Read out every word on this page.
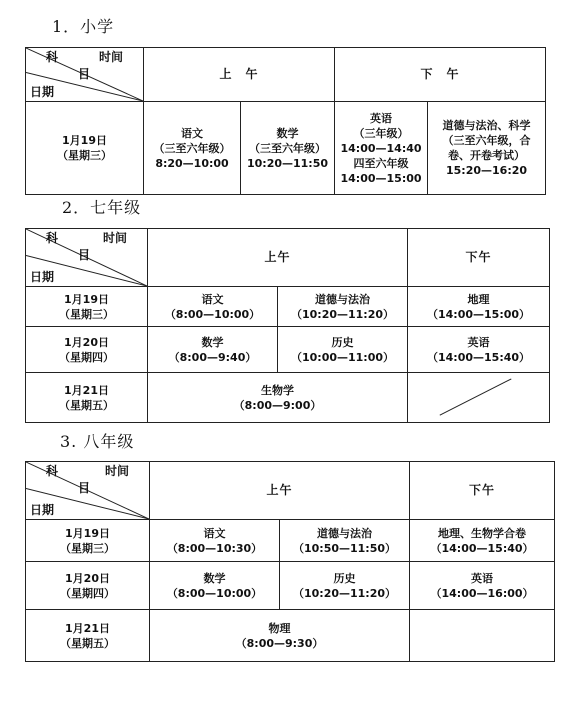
1．小学
科 时间
目
日期	上　午		下　午	

1月19日
（星期三）	语文
（三至六年级）
8:20—10:00	数学
（三至六年级）
10:20—11:50	英语
（三年级）
14:00—14:40
四至六年级
14:00—15:00	道德与法治、科学
（三至六年级，合
卷、开卷考试）
15:20—16:20
2．七年级
科 时间
目
日期	上午		下午

1月19日
（星期三）	语文
（8:00—10:00）	道德与法治
（10:20—11:20）	地理
（14:00—15:00）

1月20日
（星期四）	数学
（8:00—9:40）	历史
（10:00—11:00）	英语
（14:00—15:40）

1月21日
（星期五）	生物学
（8:00—9:00）

3. 八年级
科 时间
目
日期	上午		下午

1月19日
（星期三）	语文
（8:00—10:30）	道德与法治
（10:50—11:50）	地理、生物学合卷
（14:00—15:40）

1月20日
（星期四）	数学
（8:00—10:00）	历史
（10:20—11:20）	英语
（14:00—16:00）

1月21日
（星期五）	物理
（8:00—9:30）		
